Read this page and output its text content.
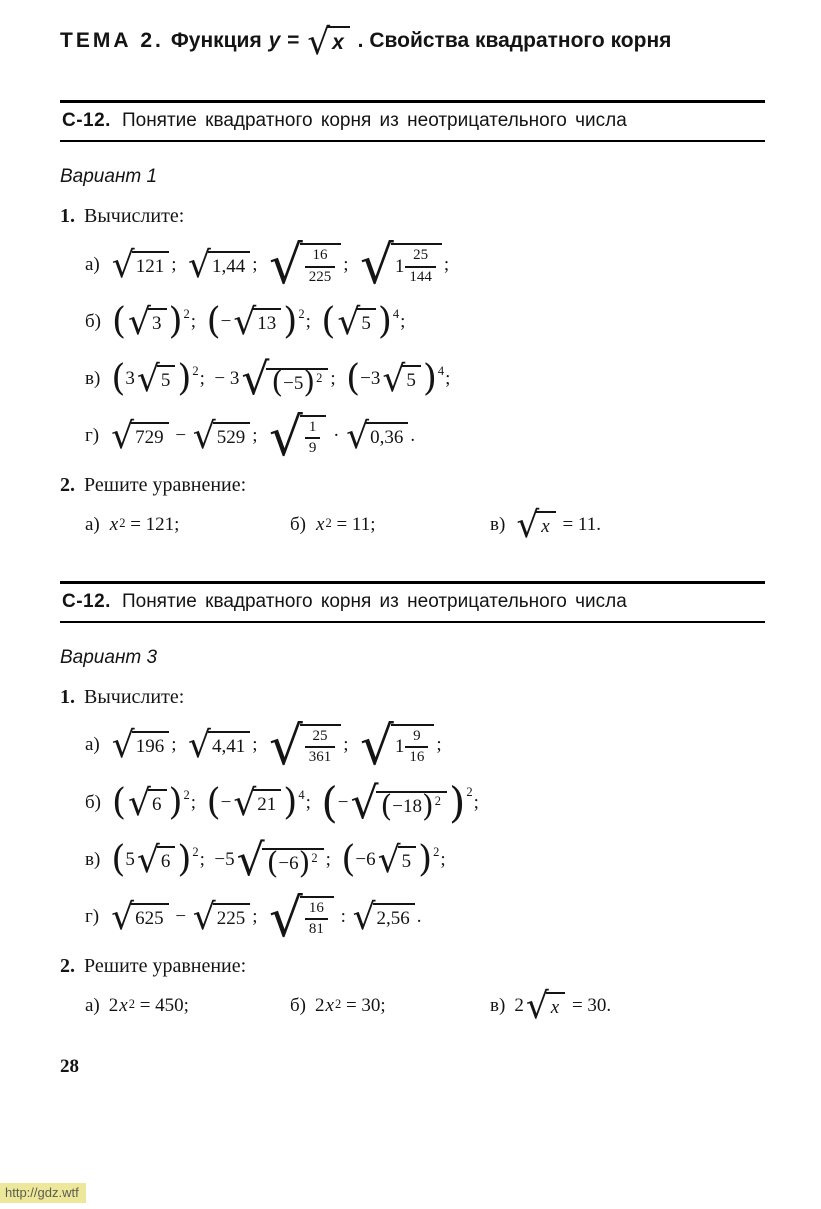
ТЕМА 2. Функция y = √ x . Свойства квадратного корня
С-12. Понятие квадратного корня из неотрицательного числа
Вариант 1
1. Вычислите:
а) √ 121 ; √ 1,44 ; √ 16
225
; √ 1
25
144
;
б) ( √ 3 ) 2 ; ( − √ 13 ) 2 ; ( √ 5 ) 4 ;
в) ( 3 √ 5 ) 2 ;  − 3 √ ( −5 ) 2 ; ( −3 √ 5 ) 4 ;
г) √ 729 − √ 529 ; √ 1
9
· √ 0,36 .
2. Решите уравнение:
а) x 2 = 121;	б) x 2 = 11;	в) √ x = 11.
С-12. Понятие квадратного корня из неотрицательного числа
Вариант 3
1. Вычислите:
а) √ 196 ; √ 4,41 ; √ 25
361
; √ 1
9
16
;
б) ( √ 6 ) 2 ; ( − √ 21 ) 4 ; ( − √ ( −18 ) 2 ) 2 ;
в) ( 5 √ 6 ) 2 ;  −5 √ ( −6 ) 2 ; ( −6 √ 5 ) 2 ;
г) √ 625 − √ 225 ; √ 16
81
: √ 2,56 .
2. Решите уравнение:
а) 2 x 2 = 450;	б) 2 x 2 = 30;	в) 2 √ x = 30.
28
http://gdz.wtf
